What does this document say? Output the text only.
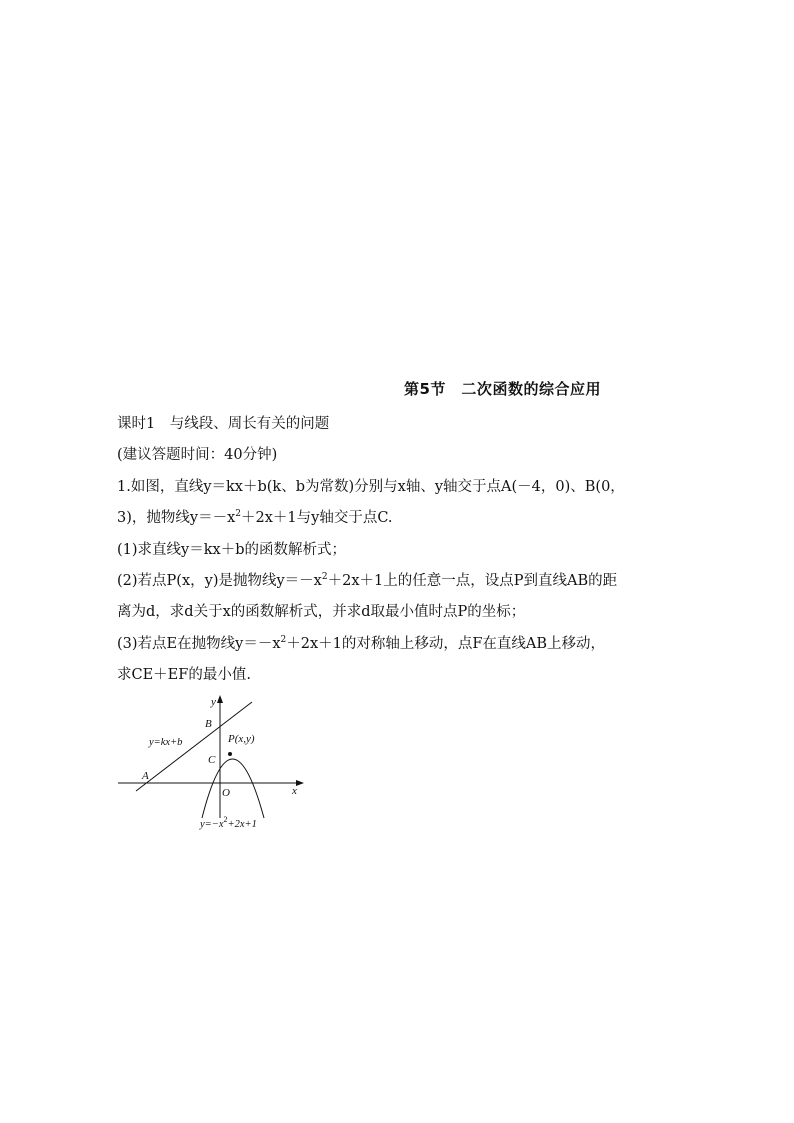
第5节　二次函数的综合应用
课时1　与线段、周长有关的问题
(建议答题时间：40分钟)
1.如图，直线y＝kx＋b(k、b为常数)分别与x轴、y轴交于点A(－4，0)、B(0，
3)，抛物线$y=-x^2+2x+1$与y轴交于点C.
(1)求直线y＝kx＋b的函数解析式；
(2)若点P(x，y)是抛物线$y=-x^2+2x+1$上的任意一点，设点P到直线AB的距
离为d，求d关于x的函数解析式，并求d取最小值时点P的坐标；
(3)若点E在抛物线$y=-x^2+2x+1$的对称轴上移动，点F在直线AB上移动，
求CE＋EF的最小值.
y
x
O
A
B
C
P(x,y)
y=kx+b
$y=-x^2+2x+1$
